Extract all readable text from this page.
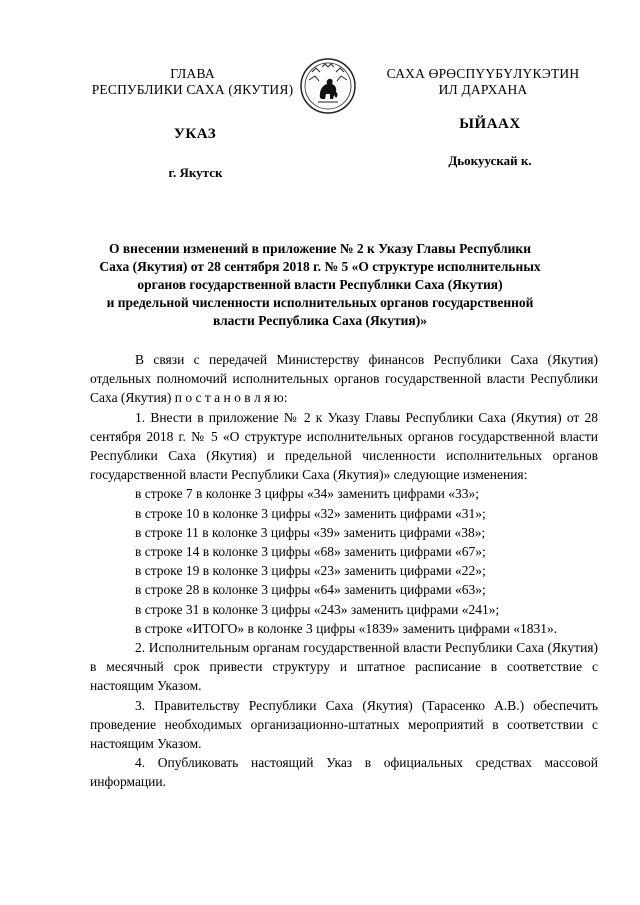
ГЛАВА
РЕСПУБЛИКИ САХА (ЯКУТИЯ)
САХА ӨРӨСПҮҮБҮЛҮКЭТИН
ИЛ ДАРХАНА
УКАЗ
ЫЙААХ
г. Якутск
Дьокуускай к.
О внесении изменений в приложение № 2 к Указу Главы Республики
Саха (Якутия) от 28 сентября 2018 г. № 5 «О структуре исполнительных
органов государственной власти Республики Саха (Якутия)
и предельной численности исполнительных органов государственной
власти Республика Саха (Якутия)»

В связи с передачей Министерству финансов Республики Саха (Якутия) отдельных полномочий исполнительных органов государственной власти Республики Саха (Якутия) п о с т а н о в л я ю:

1. Внести в приложение № 2 к Указу Главы Республики Саха (Якутия) от 28 сентября 2018 г. № 5 «О структуре исполнительных органов государственной власти Республики Саха (Якутия) и предельной численности исполнительных органов государственной власти Республики Саха (Якутия)» следующие изменения:

в строке 7 в колонке 3 цифры «34» заменить цифрами «33»;

в строке 10 в колонке 3 цифры «32» заменить цифрами «31»;

в строке 11 в колонке 3 цифры «39» заменить цифрами «38»;

в строке 14 в колонке 3 цифры «68» заменить цифрами «67»;

в строке 19 в колонке 3 цифры «23» заменить цифрами «22»;

в строке 28 в колонке 3 цифры «64» заменить цифрами «63»;

в строке 31 в колонке 3 цифры «243» заменить цифрами «241»;

в строке «ИТОГО» в колонке 3 цифры «1839» заменить цифрами «1831».

2. Исполнительным органам государственной власти Республики Саха (Якутия) в месячный срок привести структуру и штатное расписание в соответствие с настоящим Указом.

3. Правительству Республики Саха (Якутия) (Тарасенко А.В.) обеспечить проведение необходимых организационно-штатных мероприятий в соответствии с настоящим Указом.

4. Опубликовать настоящий Указ в официальных средствах массовой информации.
